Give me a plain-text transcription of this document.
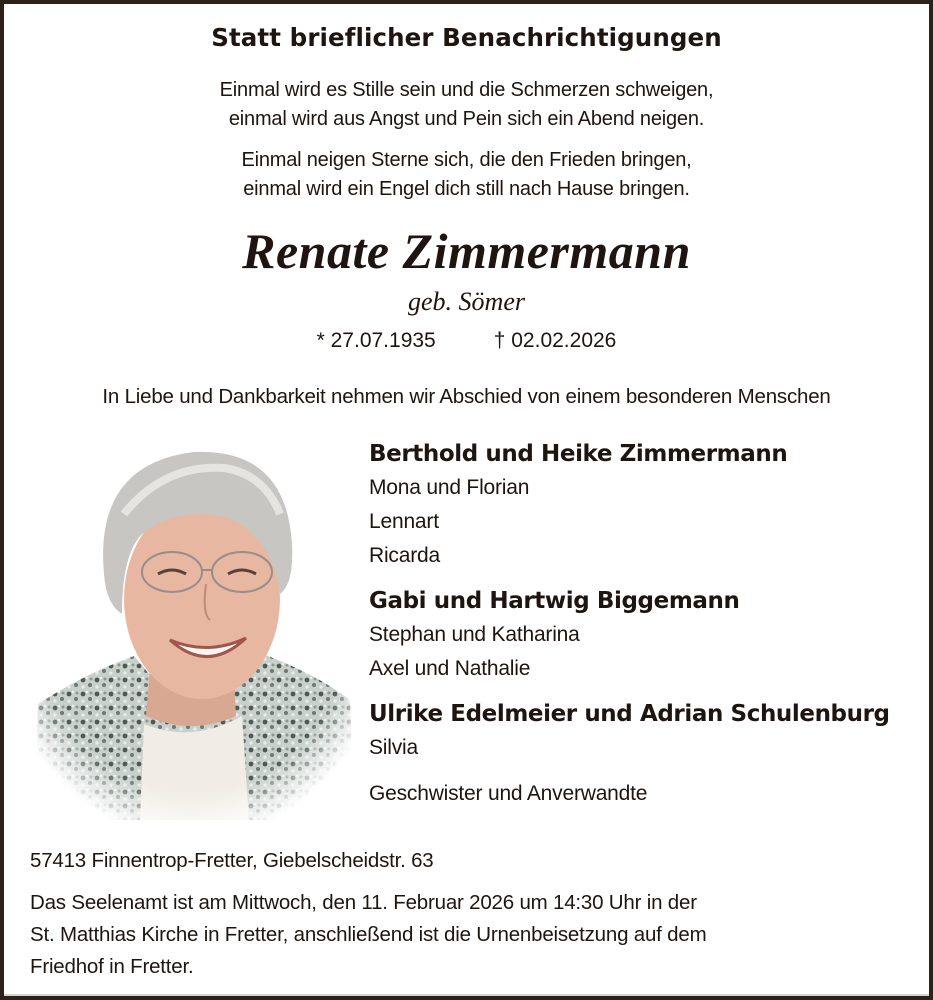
Statt brieflicher Benachrichtigungen
Einmal wird es Stille sein und die Schmerzen schweigen,
einmal wird aus Angst und Pein sich ein Abend neigen.
Einmal neigen Sterne sich, die den Frieden bringen,
einmal wird ein Engel dich still nach Hause bringen.
Renate Zimmermann
geb. Sömer
* 27.07.1935	† 02.02.2026
In Liebe und Dankbarkeit nehmen wir Abschied von einem besonderen Menschen
Berthold und Heike Zimmermann
Mona und Florian
Lennart
Ricarda
Gabi und Hartwig Biggemann
Stephan und Katharina
Axel und Nathalie
Ulrike Edelmeier und Adrian Schulenburg
Silvia
Geschwister und Anverwandte
57413 Finnentrop-Fretter, Giebelscheidstr. 63
Das Seelenamt ist am Mittwoch, den 11. Februar 2026 um 14:30 Uhr in der
St. Matthias Kirche in Fretter, anschließend ist die Urnenbeisetzung auf dem
Friedhof in Fretter.
